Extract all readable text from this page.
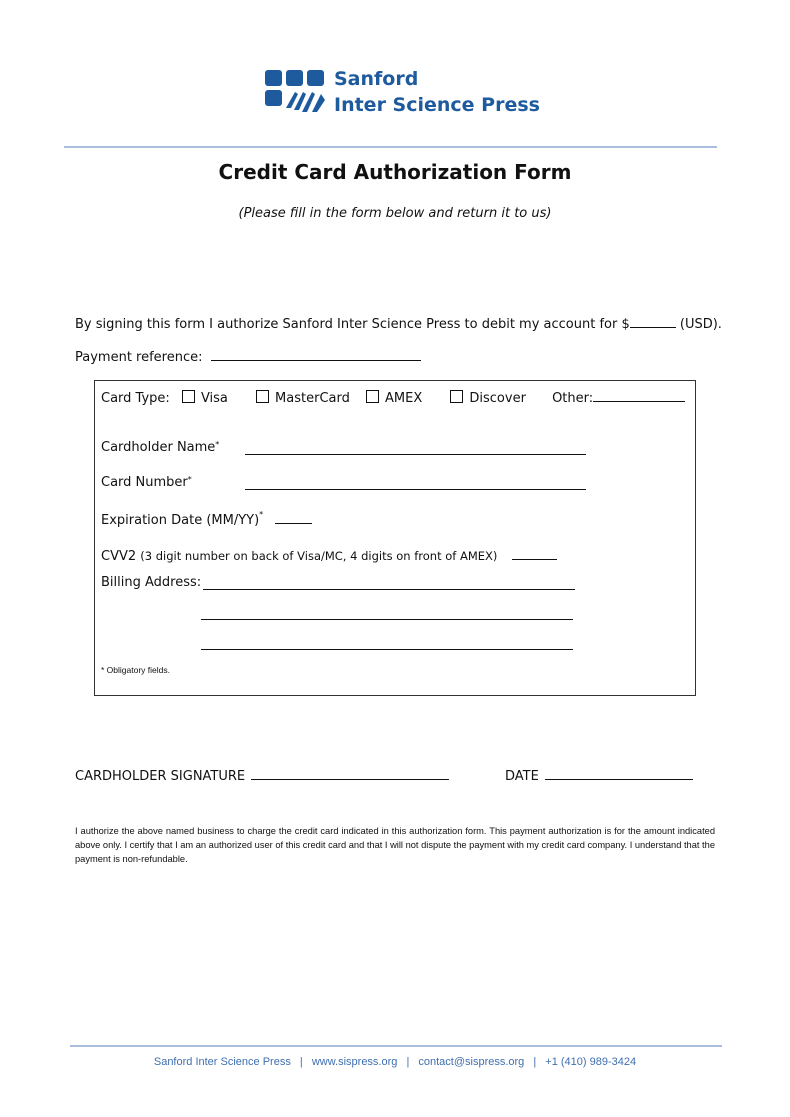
Sanford
Inter Science Press
Credit Card Authorization Form
(Please fill in the form below and return it to us)
By signing this form I authorize Sanford Inter Science Press to debit my account for $	(USD).
Payment reference:
Card Type: Visa	MasterCard	AMEX	Discover Other:
Cardholder Name*
Card Number*
Expiration Date (MM/YY)*
CVV2 (3 digit number on back of Visa/MC, 4 digits on front of AMEX)
Billing Address:
* Obligatory fields.
CARDHOLDER SIGNATURE	DATE
I authorize the above named business to charge the credit card indicated in this authorization form. This payment authorization is for the amount indicated above only. I certify that I am an authorized user of this credit card and that I will not dispute the payment with my credit card company. I understand that the payment is non-refundable.
Sanford Inter Science Press | www.sispress.org | contact@sispress.org | +1 (410) 989-3424
